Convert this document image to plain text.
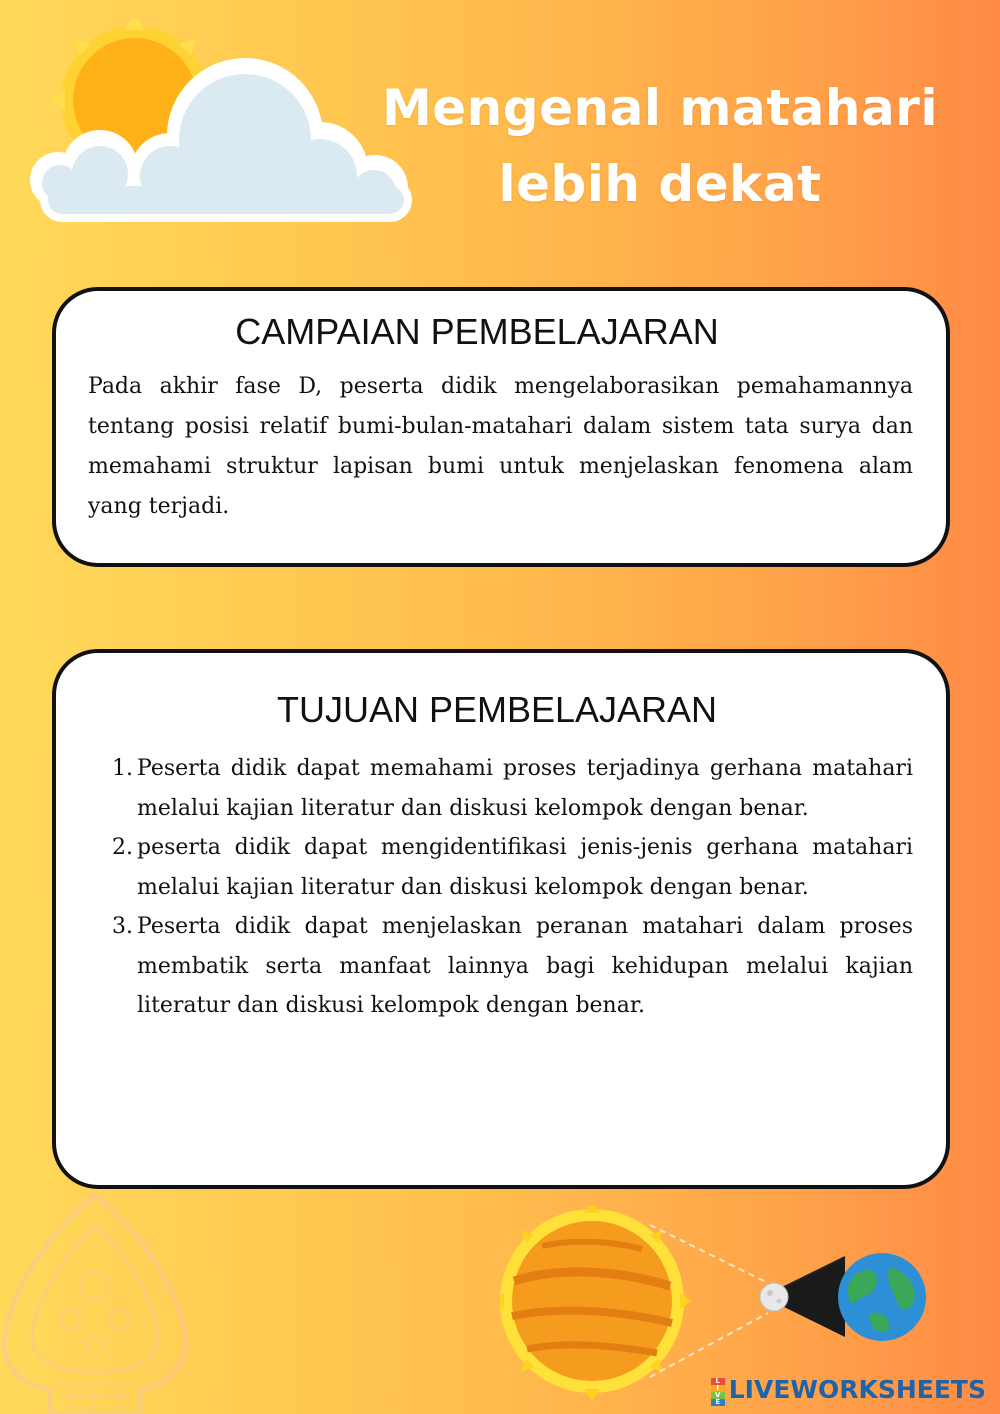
Mengenal matahari
lebih dekat
CAMPAIAN PEMBELAJARAN

Pada akhir fase D, peserta didik mengelaborasikan pemahamannya tentang posisi relatif bumi-bulan-matahari dalam sistem tata surya dan memahami struktur lapisan bumi untuk menjelaskan fenomena alam yang terjadi.

TUJUAN PEMBELAJARAN
1. Peserta didik dapat memahami proses terjadinya gerhana matahari melalui kajian literatur dan diskusi kelompok dengan benar.
2. peserta didik dapat mengidentifikasi jenis-jenis gerhana matahari melalui kajian literatur dan diskusi kelompok dengan benar.
3. Peserta didik dapat menjelaskan peranan matahari dalam proses membatik serta manfaat lainnya bagi kehidupan melalui kajian literatur dan diskusi kelompok dengan benar.
L
I
V
E LIVEWORKSHEETS
